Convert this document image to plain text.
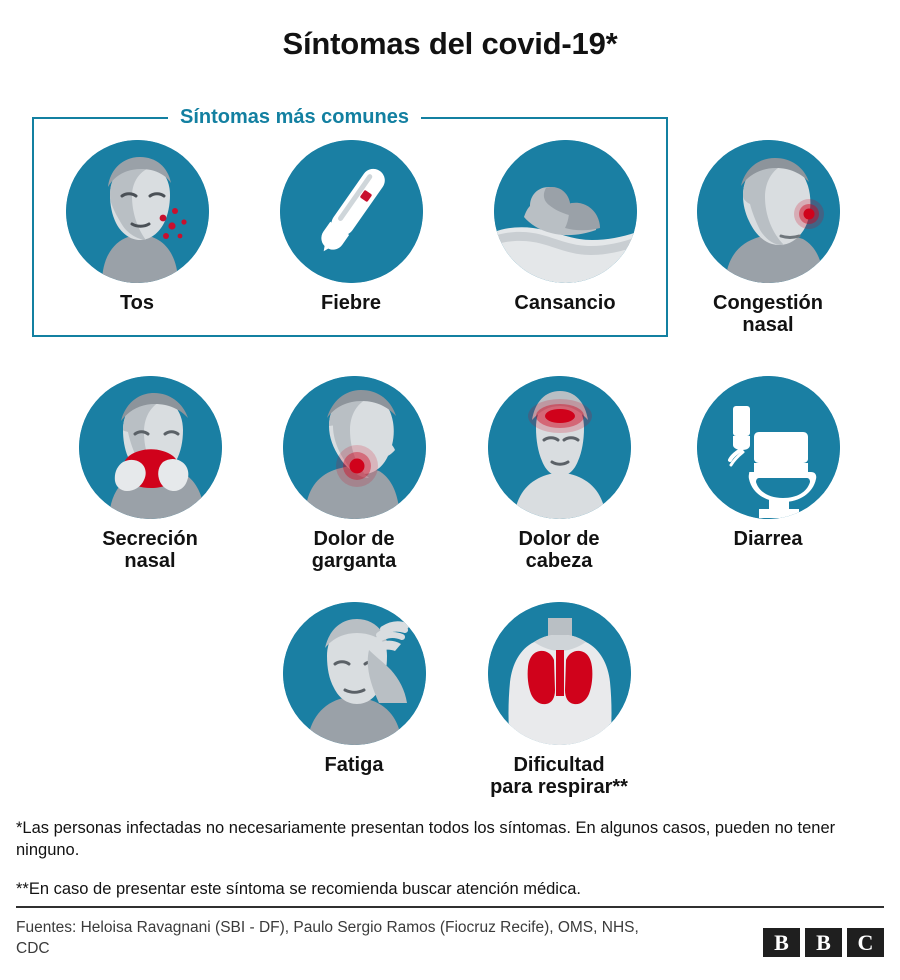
Síntomas del covid-19*
Síntomas más comunes
Tos	Fiebre	Cansancio	Congestión
nasal
Secreción
nasal
Dolor de
garganta
Dolor de
cabeza
Diarrea
Fatiga	Dificultad
para respirar**
*Las personas infectadas no necesariamente presentan todos los síntomas. En algunos casos, pueden no tener ninguno.
**En caso de presentar este síntoma se recomienda buscar atención médica.
Fuentes: Heloisa Ravagnani (SBI - DF), Paulo Sergio Ramos (Fiocruz Recife), OMS, NHS, CDC	B	B	C
